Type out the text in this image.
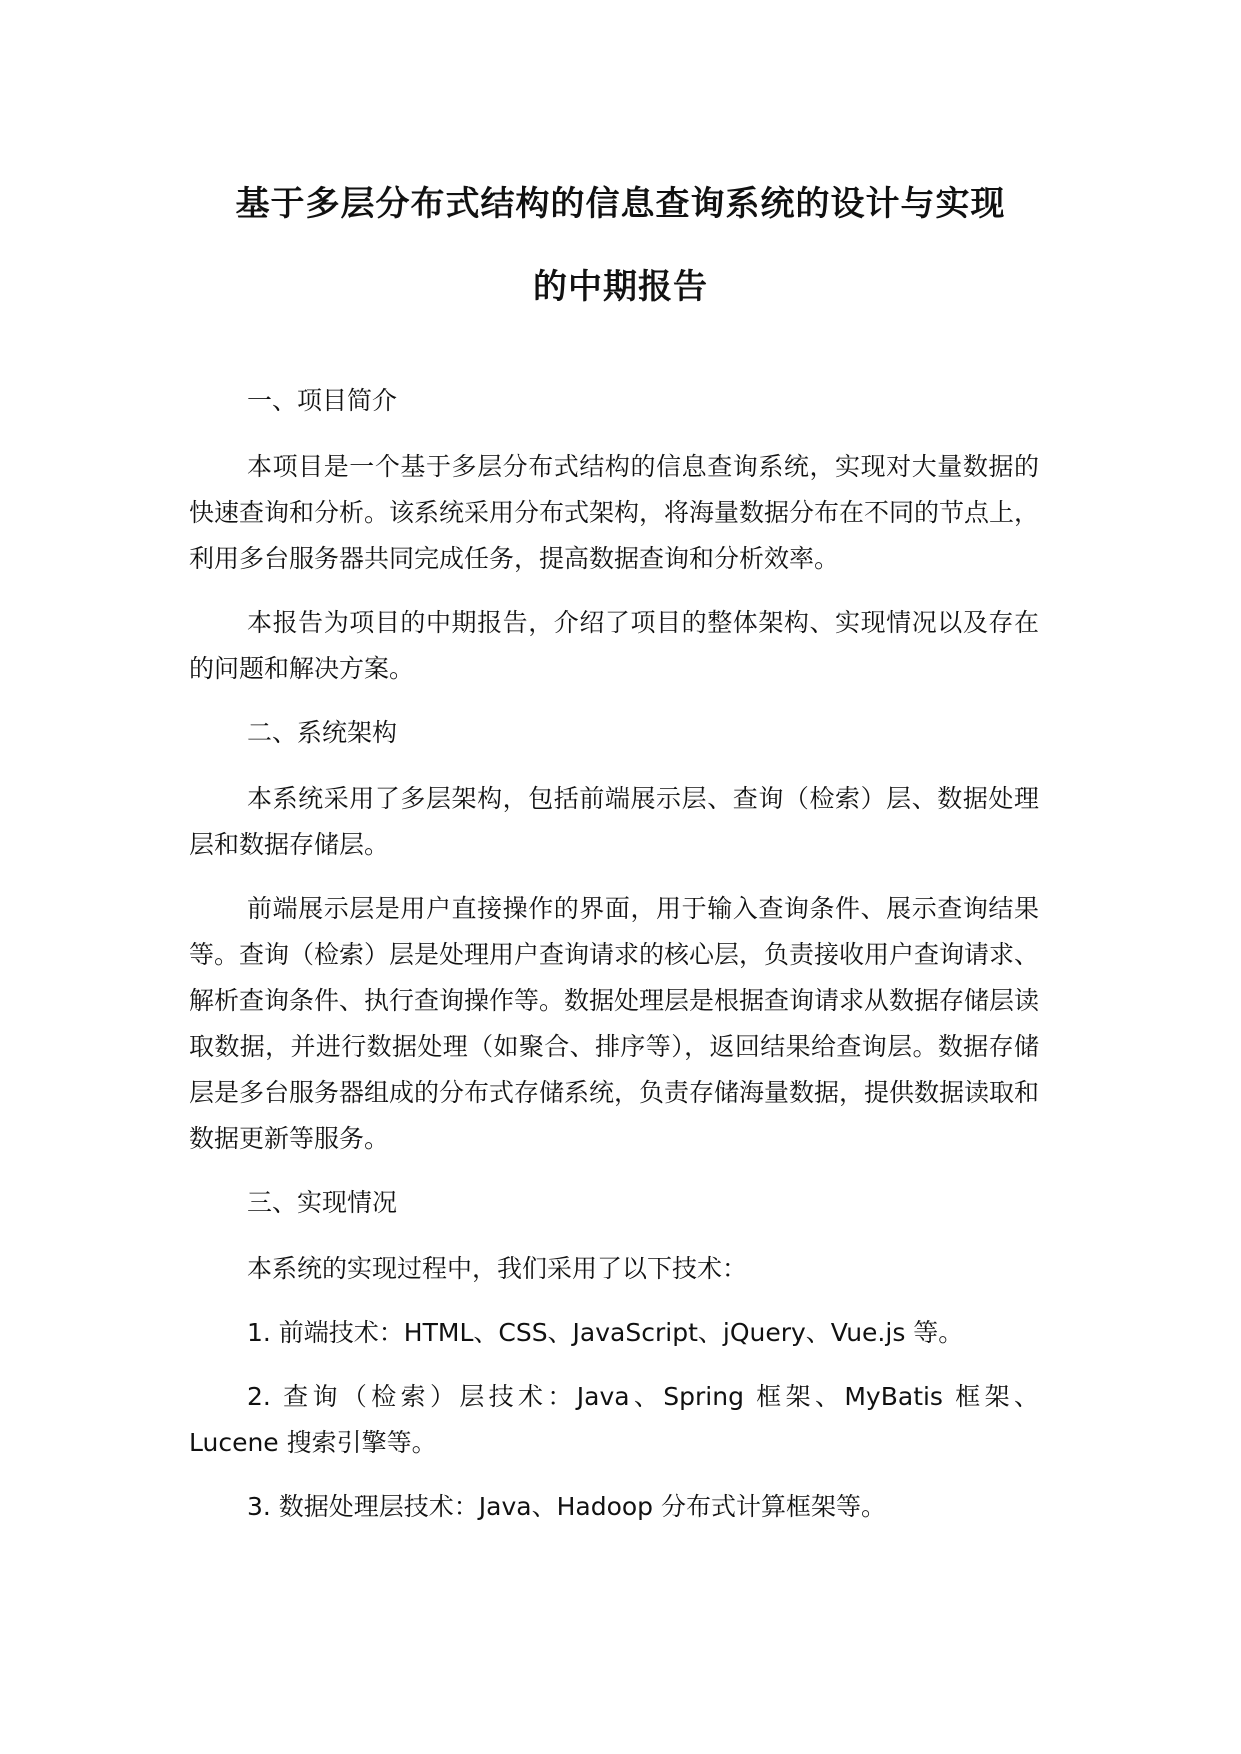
基于多层分布式结构的信息查询系统的设计与实现
的中期报告

一、项目简介

本项目是一个基于多层分布式结构的信息查询系统，实现对大量数据的快速查询和分析。该系统采用分布式架构，将海量数据分布在不同的节点上，利用多台服务器共同完成任务，提高数据查询和分析效率。

本报告为项目的中期报告，介绍了项目的整体架构、实现情况以及存在的问题和解决方案。

二、系统架构

本系统采用了多层架构，包括前端展示层、查询（检索）层、数据处理层和数据存储层。

前端展示层是用户直接操作的界面，用于输入查询条件、展示查询结果等。查询（检索）层是处理用户查询请求的核心层，负责接收用户查询请求、解析查询条件、执行查询操作等。数据处理层是根据查询请求从数据存储层读取数据，并进行数据处理（如聚合、排序等），返回结果给查询层。数据存储层是多台服务器组成的分布式存储系统，负责存储海量数据，提供数据读取和数据更新等服务。

三、实现情况

本系统的实现过程中，我们采用了以下技术：

1. 前端技术：HTML、CSS、JavaScript、jQuery、Vue.js 等。

2. 查询（检索）层技术：Java、Spring 框架、MyBatis 框架、Lucene 搜索引擎等。

3. 数据处理层技术：Java、Hadoop 分布式计算框架等。
